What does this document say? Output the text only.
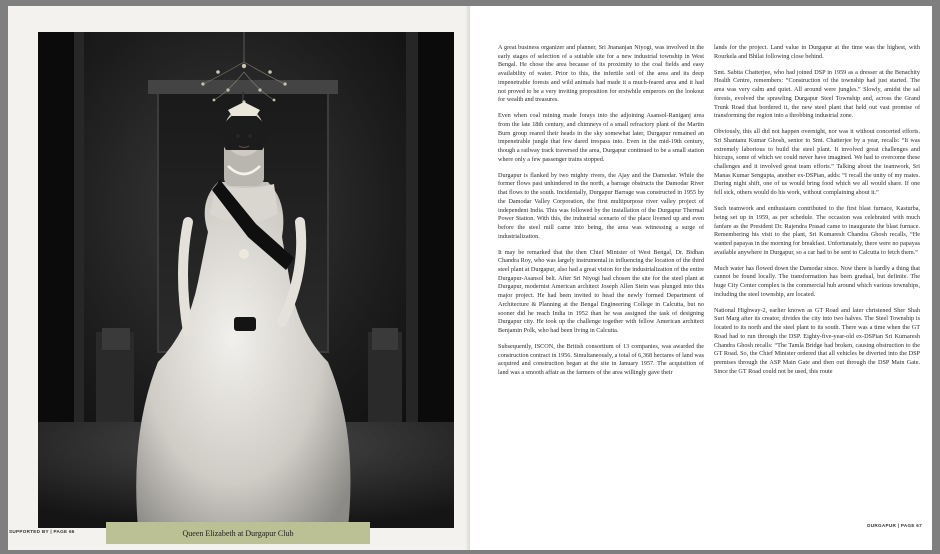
SUPPORTED BY | PAGE 66	Queen Elizabeth at Durgapur Club

A great business organizer and planner, Sri Jnananjan Niyogi, was involved in the early stages of selection of a suitable site for a new industrial township in West Bengal. He chose the area because of its proximity to the coal fields and easy availability of water. Prior to this, the infertile soil of the area and its deep impenetrable forests and wild animals had made it a much-feared area and it had not proved to be a very inviting proposition for erstwhile emperors on the lookout for wealth and treasures.

Even when coal mining made forays into the adjoining Asansol-Raniganj area from the late 18th century, and chimneys of a small refractory plant of the Martin Burn group reared their heads in the sky somewhat later, Durgapur remained an impenetrable jungle that few dared trespass into. Even in the mid-19th century, though a railway track traversed the area, Durgapur continued to be a small station where only a few passenger trains stopped.

Durgapur is flanked by two mighty rivers, the Ajay and the Damodar. While the former flows past unhindered in the north, a barrage obstructs the Damodar River that flows to the south. Incidentally, Durgapur Barrage was constructed in 1955 by the Damodar Valley Corporation, the first multipurpose river valley project of independent India. This was followed by the installation of the Durgapur Thermal Power Station. With this, the industrial scenario of the place livened up and even before the steel mill came into being, the area was witnessing a surge of industrialization.

It may be remarked that the then Chief Minister of West Bengal, Dr. Bidhan Chandra Roy, who was largely instrumental in influencing the location of the third steel plant at Durgapur, also had a great vision for the industrialization of the entire Durgapur-Asansol belt. After Sri Niyogi had chosen the site for the steel plant at Durgapur, modernist American architect Joseph Allen Stein was plunged into this major project. He had been invited to head the newly formed Department of Architecture & Planning at the Bengal Engineering College in Calcutta, but no sooner did he reach India in 1952 than he was assigned the task of designing Durgapur city. He took up the challenge together with fellow American architect Benjamin Polk, who had been living in Calcutta.

Subsequently, ISCON, the British consortium of 13 companies, was awarded the construction contract in 1956. Simultaneously, a total of 6,368 hectares of land was acquired and construction began at the site in January 1957. The acquisition of land was a smooth affair as the farmers of the area willingly gave their

lands for the project. Land value in Durgapur at the time was the highest, with Rourkela and Bhilai following close behind.

Smt. Sabita Chatterjee, who had joined DSP in 1959 as a dresser at the Benachity Health Centre, remembers: “Construction of the township had just started. The area was very calm and quiet. All around were jungles.” Slowly, amidst the sal forests, evolved the sprawling Durgapur Steel Township and, across the Grand Trunk Road that bordered it, the new steel plant that held out vast promise of transforming the region into a throbbing industrial zone.

Obviously, this all did not happen overnight, nor was it without concerted efforts. Sri Shantanu Kumar Ghosh, senior to Smt. Chatterjee by a year, recalls: “It was extremely laborious to build the steel plant. It involved great challenges and hiccups, some of which we could never have imagined. We had to overcome these challenges and it involved great team efforts.” Talking about the teamwork, Sri Manas Kumar Sengupta, another ex-DSPian, adds: “I recall the unity of my mates. During night shift, one of us would bring food which we all would share. If one fell sick, others would do his work, without complaining about it.”

Such teamwork and enthusiasm contributed to the first blast furnace, Kasturba, being set up in 1959, as per schedule. The occasion was celebrated with much fanfare as the President Dr. Rajendra Prasad came to inaugurate the blast furnace. Remembering his visit to the plant, Sri Kumaresh Chandra Ghosh recalls, “He wanted papayas in the morning for breakfast. Unfortunately, there were no papayas available anywhere in Durgapur, so a car had to be sent to Calcutta to fetch them.”

Much water has flowed down the Damodar since. Now there is hardly a thing that cannot be found locally. The transformation has been gradual, but definite. The huge City Center complex is the commercial hub around which various townships, including the steel township, are located.

National Highway-2, earlier known as GT Road and later christened Sher Shah Suri Marg after its creator, divides the city into two halves. The Steel Township is located to its north and the steel plant to its south. There was a time when the GT Road had to run through the DSP. Eighty-five-year-old ex-DSPian Sri Kumaresh Chandra Ghosh recalls: “The Tamla Bridge had broken, causing obstruction to the GT Road. So, the Chief Minister ordered that all vehicles be diverted into the DSP premises through the ASP Main Gate and then out through the DSP Main Gate. Since the GT Road could not be used, this route

DURGAPUR | PAGE 67
